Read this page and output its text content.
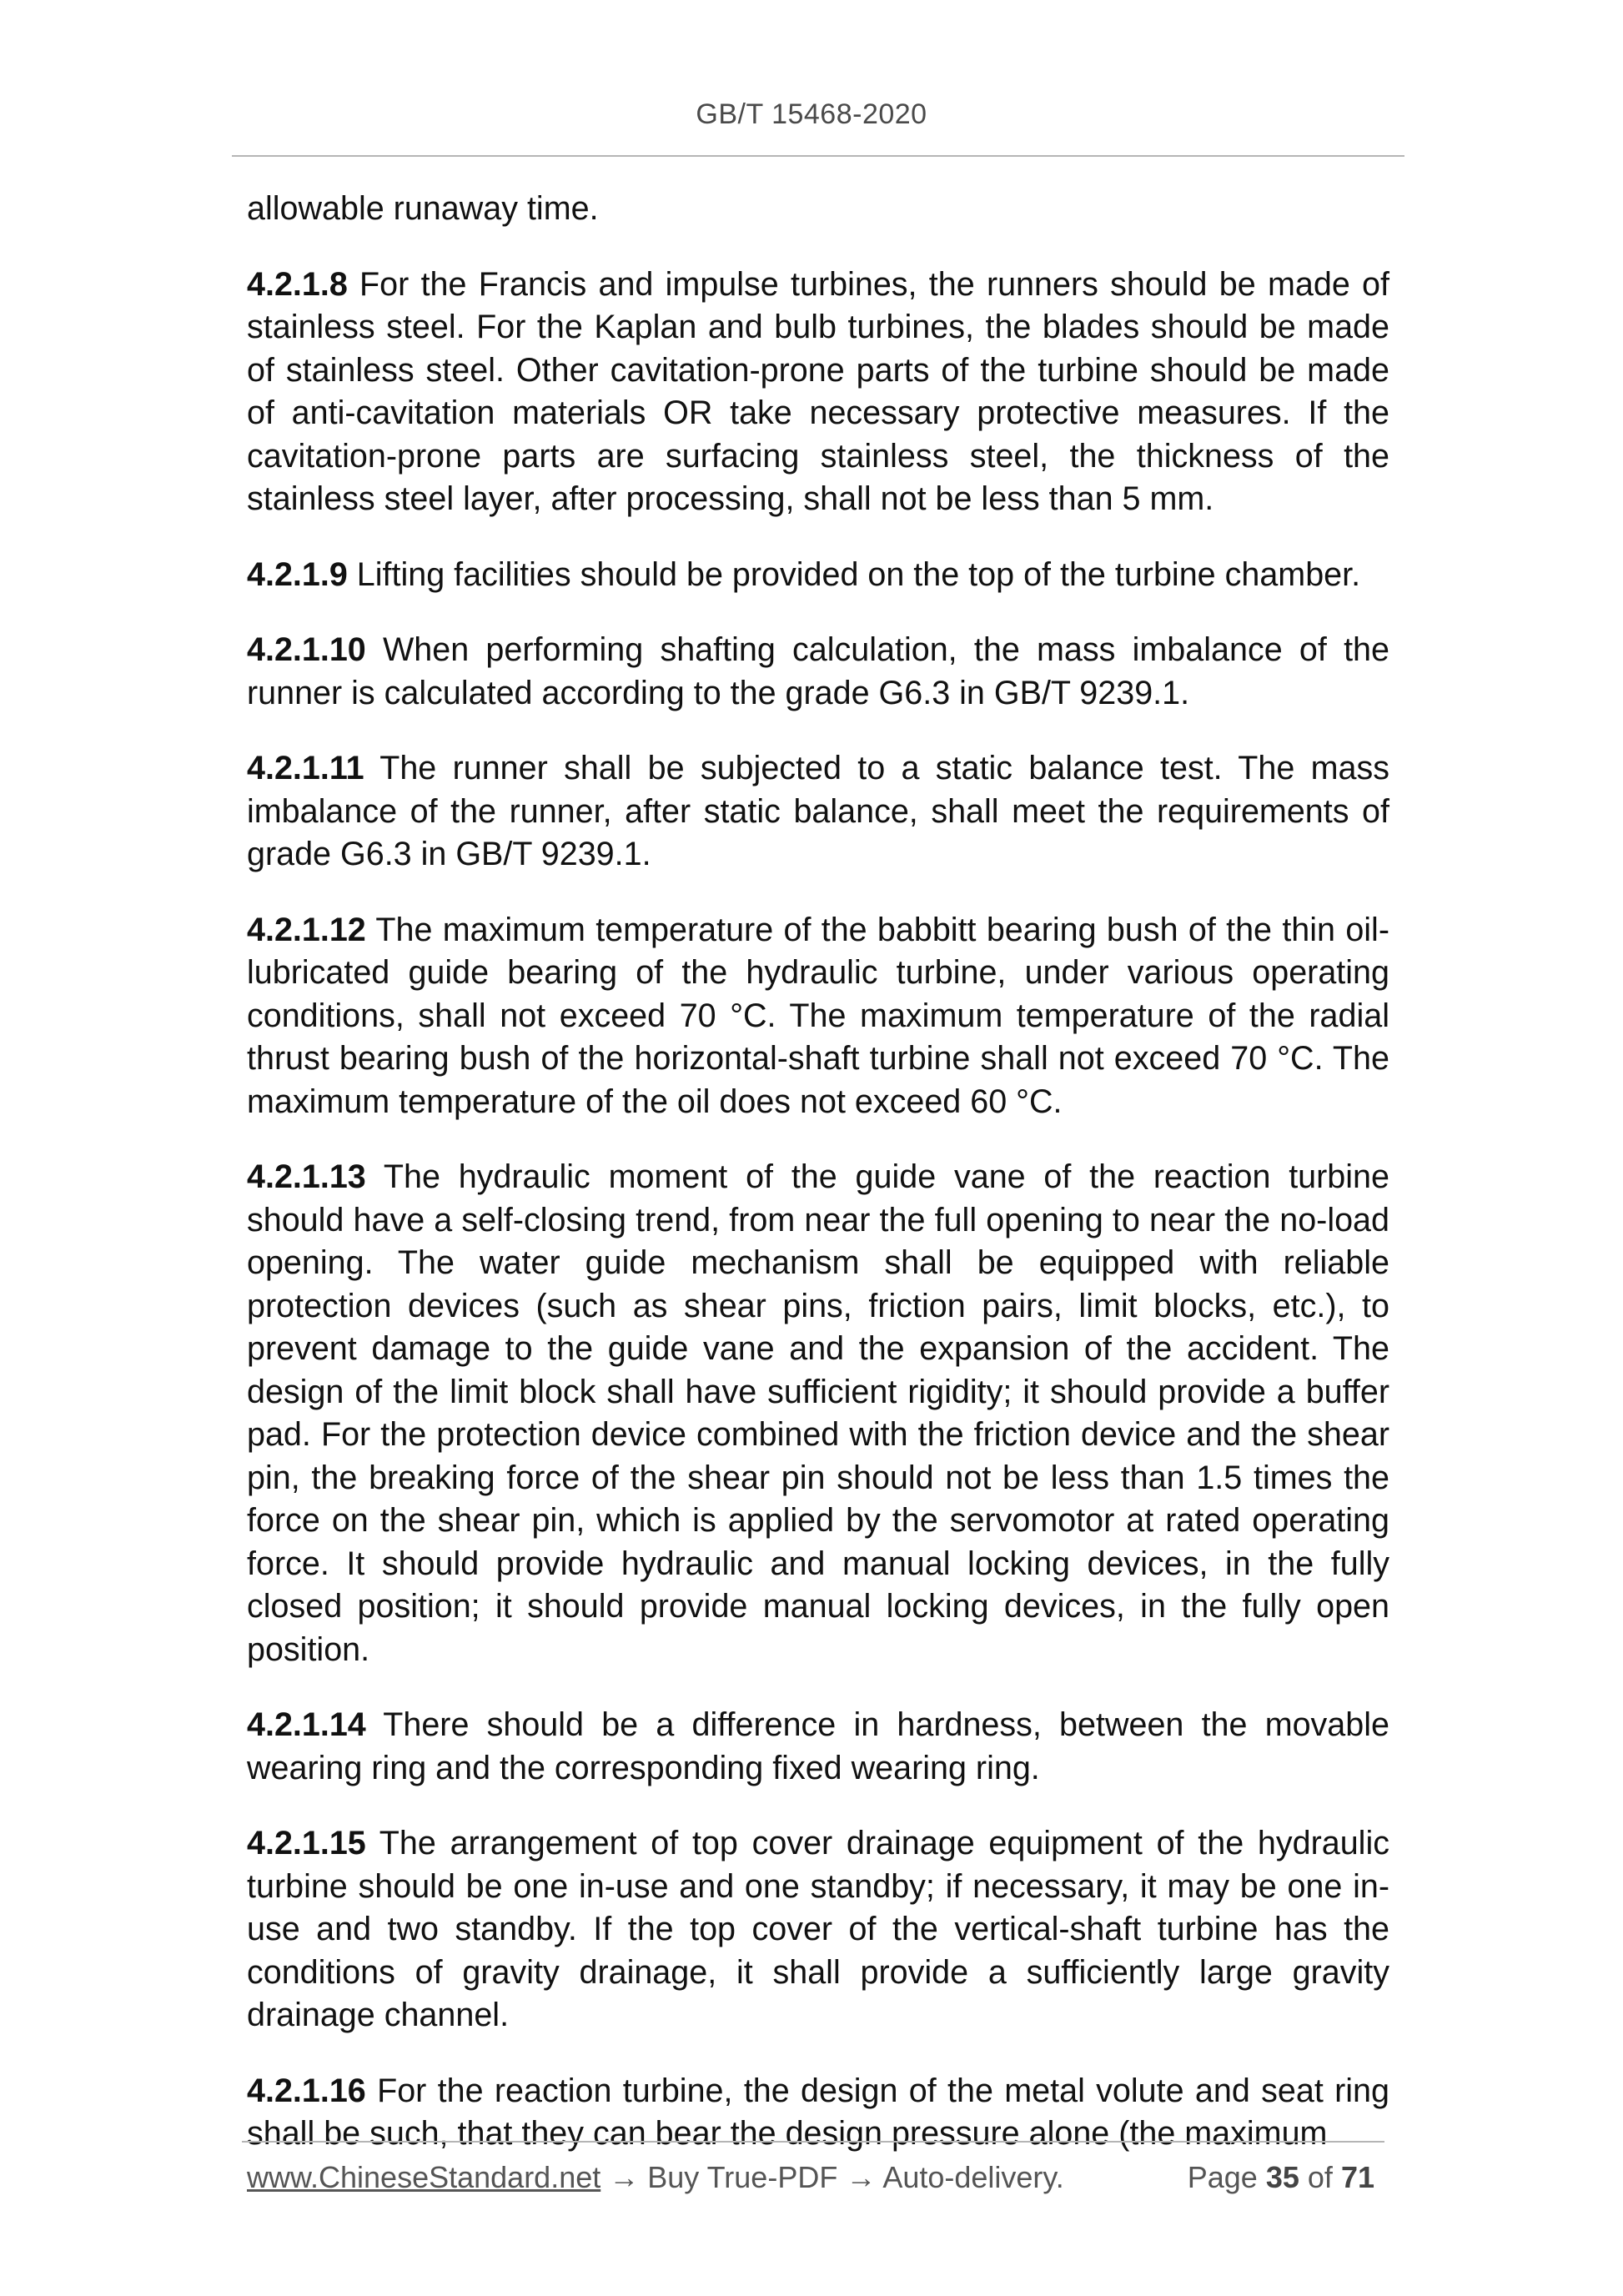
GB/T 15468-2020

allowable runaway time.

4.2.1.8 For the Francis and impulse turbines, the runners should be made of stainless steel. For the Kaplan and bulb turbines, the blades should be made of stainless steel. Other cavitation-prone parts of the turbine should be made of anti-cavitation materials OR take necessary protective measures. If the cavitation-prone parts are surfacing stainless steel, the thickness of the stainless steel layer, after processing, shall not be less than 5 mm.

4.2.1.9 Lifting facilities should be provided on the top of the turbine chamber.

4.2.1.10 When performing shafting calculation, the mass imbalance of the runner is calculated according to the grade G6.3 in GB/T 9239.1.

4.2.1.11 The runner shall be subjected to a static balance test. The mass imbalance of the runner, after static balance, shall meet the requirements of grade G6.3 in GB/T 9239.1.

4.2.1.12 The maximum temperature of the babbitt bearing bush of the thin oil-lubricated guide bearing of the hydraulic turbine, under various operating conditions, shall not exceed 70 °C. The maximum temperature of the radial thrust bearing bush of the horizontal-shaft turbine shall not exceed 70 °C. The maximum temperature of the oil does not exceed 60 °C.

4.2.1.13 The hydraulic moment of the guide vane of the reaction turbine should have a self-closing trend, from near the full opening to near the no-load opening. The water guide mechanism shall be equipped with reliable protection devices (such as shear pins, friction pairs, limit blocks, etc.), to prevent damage to the guide vane and the expansion of the accident. The design of the limit block shall have sufficient rigidity; it should provide a buffer pad. For the protection device combined with the friction device and the shear pin, the breaking force of the shear pin should not be less than 1.5 times the force on the shear pin, which is applied by the servomotor at rated operating force. It should provide hydraulic and manual locking devices, in the fully closed position; it should provide manual locking devices, in the fully open position.

4.2.1.14 There should be a difference in hardness, between the movable wearing ring and the corresponding fixed wearing ring.

4.2.1.15 The arrangement of top cover drainage equipment of the hydraulic turbine should be one in-use and one standby; if necessary, it may be one in-use and two standby. If the top cover of the vertical-shaft turbine has the conditions of gravity drainage, it shall provide a sufficiently large gravity drainage channel.

4.2.1.16 For the reaction turbine, the design of the metal volute and seat ring shall be such, that they can bear the design pressure alone (the maximum

www.ChineseStandard.net → Buy True-PDF → Auto-delivery.	Page 35 of 71
